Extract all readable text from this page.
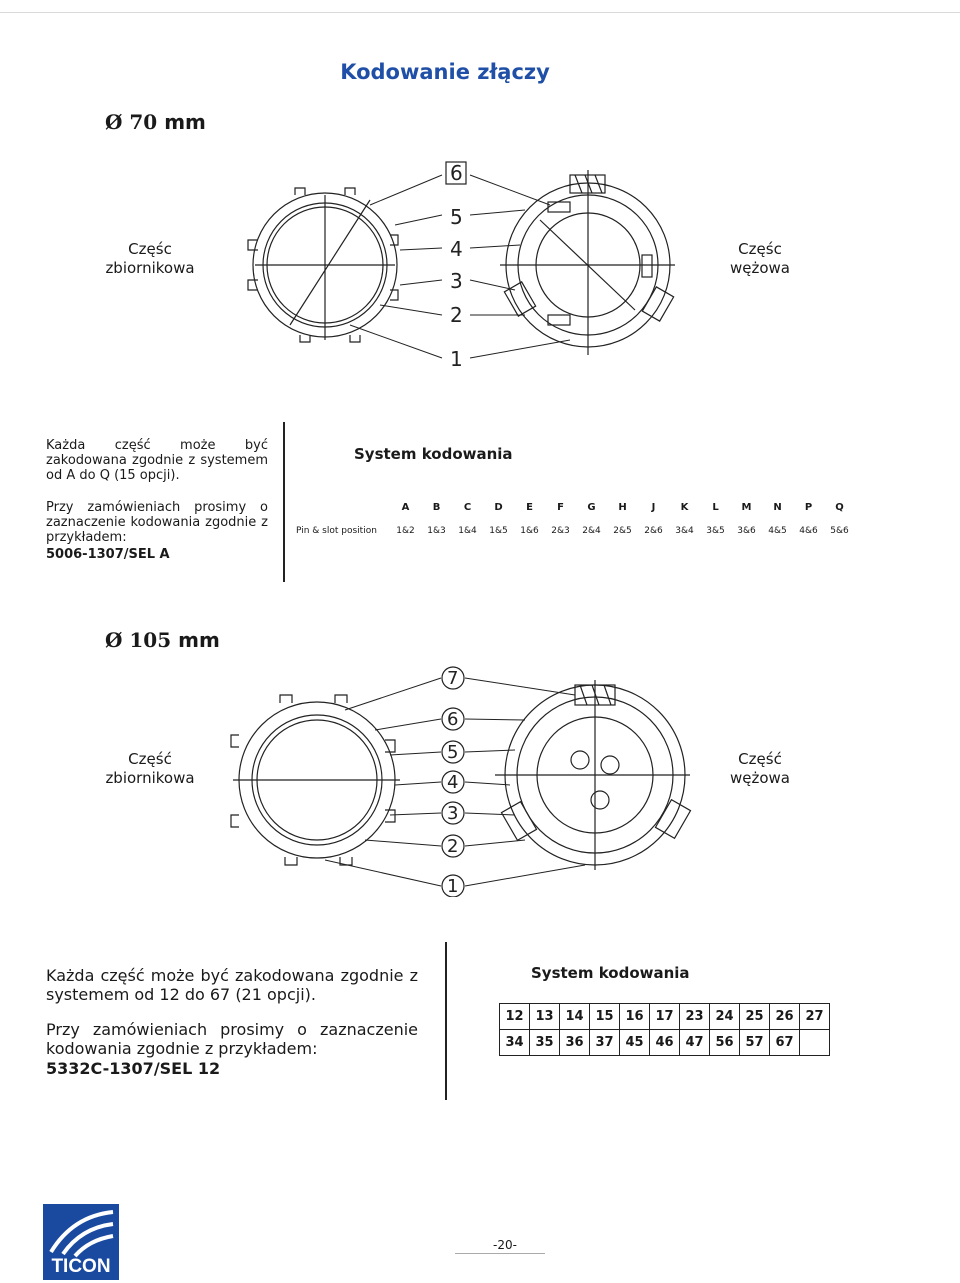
Kodowanie złączy
Ø 70 mm
Częśc
zbiornikowa
Częśc
wężowa
6
5
4
3
2
1
Każda część może być zakodowana zgodnie z systemem od A do Q (15 opcji).
Przy zamówieniach prosimy o zaznaczenie kodowania zgodnie z przykładem:
5006-1307/SEL A
System kodowania
	A	B	C	D	E	F	G	H	J	K	L	M	N	P	Q
Pin & slot position	1&2	1&3	1&4	1&5	1&6	2&3	2&4	2&5	2&6	3&4	3&5	3&6	4&5	4&6	5&6
Ø 105 mm
Część
zbiornikowa
Część
wężowa
7
6
5
4
3
2
1
Każda część może być zakodowana zgodnie z systemem od 12 do 67 (21 opcji).
Przy zamówieniach prosimy o zaznaczenie kodowania zgodnie z przykładem:
5332C-1307/SEL 12
System kodowania
12	13	14	15	16	17	23	24	25	26	27
34	35	36	37	45	46	47	56	57	67	
TICON
-20-
